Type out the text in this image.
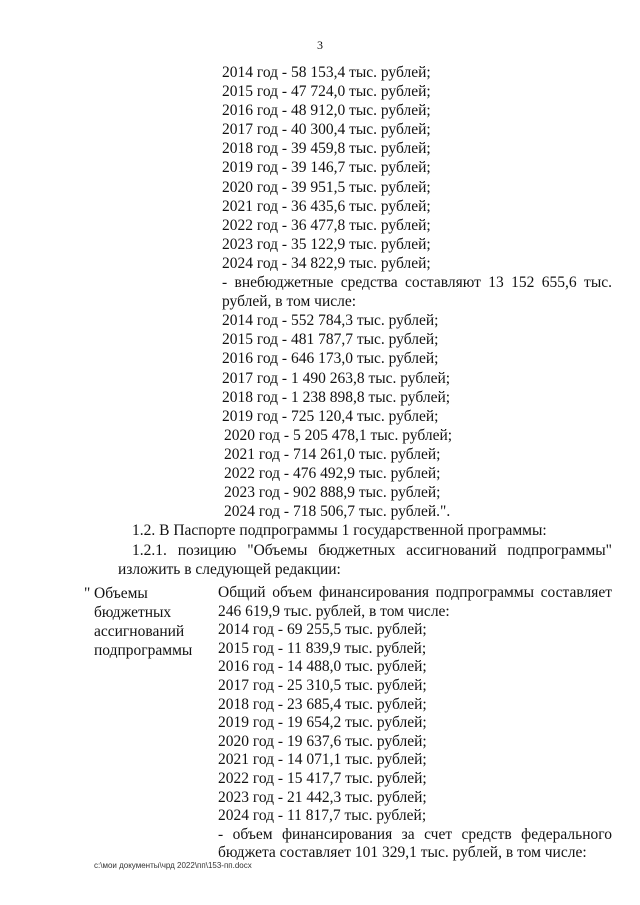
3
2014 год - 58 153,4 тыс. рублей;
2015 год - 47 724,0 тыс. рублей;
2016 год - 48 912,0 тыс. рублей;
2017 год - 40 300,4 тыс. рублей;
2018 год - 39 459,8 тыс. рублей;
2019 год - 39 146,7 тыс. рублей;
2020 год - 39 951,5 тыс. рублей;
2021 год - 36 435,6 тыс. рублей;
2022 год - 36 477,8 тыс. рублей;
2023 год - 35 122,9 тыс. рублей;
2024 год - 34 822,9 тыс. рублей;
- внебюджетные средства составляют 13 152 655,6 тыс.
рублей, в том числе:
2014 год - 552 784,3 тыс. рублей;
2015 год - 481 787,7 тыс. рублей;
2016 год - 646 173,0 тыс. рублей;
2017 год - 1 490 263,8 тыс. рублей;
2018 год - 1 238 898,8 тыс. рублей;
2019 год - 725 120,4 тыс. рублей;
2020 год - 5 205 478,1 тыс. рублей;
2021 год - 714 261,0 тыс. рублей;
2022 год - 476 492,9 тыс. рублей;
2023 год - 902 888,9 тыс. рублей;
2024 год - 718 506,7 тыс. рублей.".
1.2. В Паспорте подпрограммы 1 государственной программы:
1.2.1. позицию "Объемы бюджетных ассигнований подпрограммы" изложить в следующей редакции:
" Объемы бюджетных ассигнований подпрограммы
Общий объем финансирования подпрограммы составляет
246 619,9 тыс. рублей, в том числе:
2014 год - 69 255,5 тыс. рублей;
2015 год - 11 839,9 тыс. рублей;
2016 год - 14 488,0 тыс. рублей;
2017 год - 25 310,5 тыс. рублей;
2018 год - 23 685,4 тыс. рублей;
2019 год - 19 654,2 тыс. рублей;
2020 год - 19 637,6 тыс. рублей;
2021 год - 14 071,1 тыс. рублей;
2022 год - 15 417,7 тыс. рублей;
2023 год - 21 442,3 тыс. рублей;
2024 год - 11 817,7 тыс. рублей;
- объем финансирования за счет средств федерального
бюджета составляет 101 329,1 тыс. рублей, в том числе:
c:\мои документы\чрд 2022\пп\153-пп.docx
